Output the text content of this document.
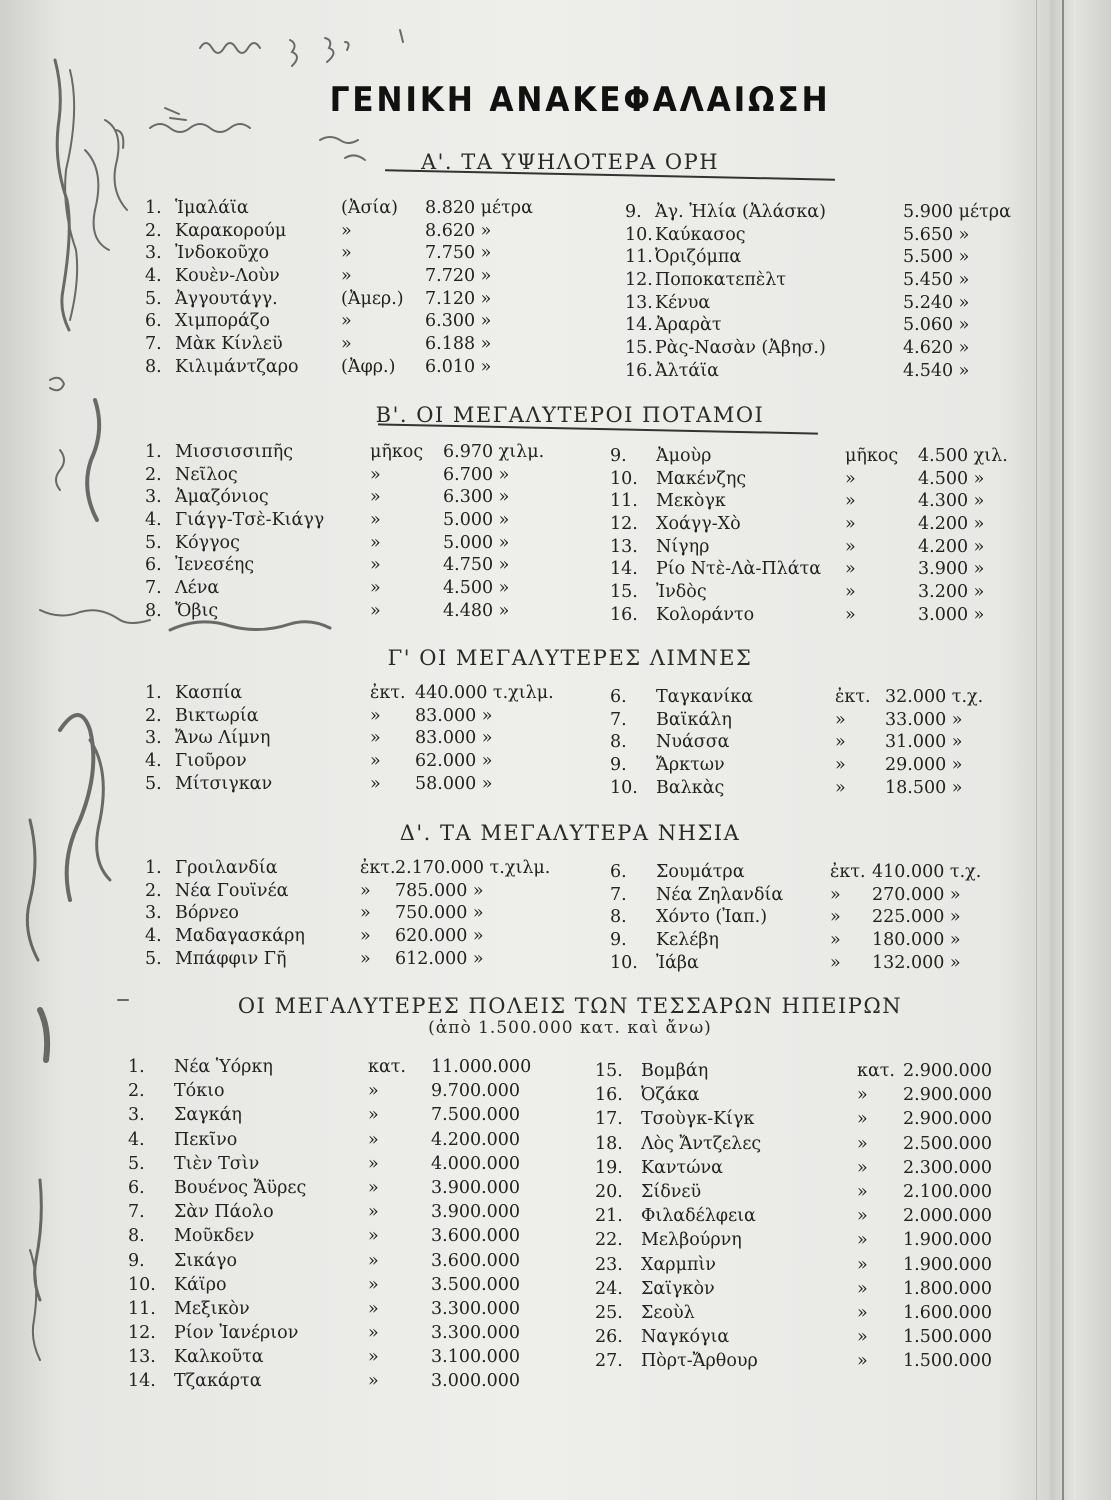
ΓΕΝΙΚΗ ΑΝΑΚΕΦΑΛΑΙΩΣΗ
Α'. ΤΑ ΥΨΗΛΟΤΕΡΑ ΟΡΗ
1. Ἱμαλάϊα	(Ἀσία) 8.820 μέτρα
2. Καρακορούμ	»	8.620 »
3. Ἰνδοκοῦχο	»	7.750 »
4. Κουὲν-Λοὺν	»	7.720 »
5. Ἀγγουτάγγ.	(Ἀμερ.) 7.120 »
6. Χιμποράζο	»	6.300 »
7. Μὰκ Κίνλεϋ	»	6.188 »
8. Κιλιμάντζαρο (Ἀφρ.) 6.010 »
9. Ἀγ. Ἠλία (Ἀλάσκα)	5.900 μέτρα
10. Καύκασος	5.650 »
11. Ὀριζόμπα	5.500 »
12. Ποποκατεπὲλτ	5.450 »
13. Κένυα	5.240 »
14. Ἀραρὰτ	5.060 »
15. Ρὰς-Νασὰν (Ἀβησ.)	4.620 »
16. Ἀλτάϊα	4.540 »
Β'. ΟΙ ΜΕΓΑΛΥΤΕΡΟΙ ΠΟΤΑΜΟΙ
1. Μισσισσιπῆς	μῆκος 6.970 χιλμ.
2. Νεῖλος	»	6.700 »
3. Ἀμαζόνιος	»	6.300 »
4. Γιάγγ-Τσὲ-Κιάγγ	»	5.000 »
5. Κόγγος	»	5.000 »
6. Ἰενεσέης	»	4.750 »
7. Λένα	»	4.500 »
8. Ὄβις	»	4.480 »
9. Ἀμοὺρ	μῆκος 4.500 χιλ.
10. Μακένζης	»	4.500 »
11. Μεκὸγκ	»	4.300 »
12. Χοάγγ-Χὸ	»	4.200 »
13. Νίγηρ	»	4.200 »
14. Ρίο Ντὲ-Λὰ-Πλάτα »	3.900 »
15. Ἰνδὸς	»	3.200 »
16. Κολοράντο	»	3.000 »
Γ' ΟΙ ΜΕΓΑΛΥΤΕΡΕΣ ΛΙΜΝΕΣ
1. Κασπία	ἐκτ. 440.000 τ.χιλμ.
2. Βικτωρία	» 83.000 »
3. Ἄνω Λίμνη	» 83.000 »
4. Γιοῦρον	» 62.000 »
5. Μίτσιγκαν	» 58.000 »
6. Ταγκανίκα	ἐκτ. 32.000 τ.χ.
7. Βαϊκάλη	» 33.000 »
8. Νυάσσα	» 31.000 »
9. Ἄρκτων	» 29.000 »
10. Βαλκὰς	» 18.500 »
Δ'. ΤΑ ΜΕΓΑΛΥΤΕΡΑ ΝΗΣΙΑ
1. Γροιλανδία	ἐκτ. 2.170.000 τ.χιλμ.
2. Νέα Γουϊνέα	» 785.000 »
3. Βόρνεο	» 750.000 »
4. Μαδαγασκάρη	» 620.000 »
5. Μπάφφιν Γῆ	» 612.000 »
6. Σουμάτρα	ἐκτ. 410.000 τ.χ.
7. Νέα Ζηλανδία	» 270.000 »
8. Χόντο (Ἰαπ.)	» 225.000 »
9. Κελέβη	» 180.000 »
10. Ἰάβα	» 132.000 »
ΟΙ ΜΕΓΑΛΥΤΕΡΕΣ ΠΟΛΕΙΣ ΤΩΝ ΤΕΣΣΑΡΩΝ ΗΠΕΙΡΩΝ
(ἀπὸ 1.500.000 κατ. καὶ ἄνω)
1. Νέα Ὑόρκη	κατ. 11.000.000
2. Τόκιο	»	9.700.000
3. Σαγκάη	»	7.500.000
4. Πεκῖνο	»	4.200.000
5. Τιὲν Τσὶν	»	4.000.000
6. Βουένος Ἄϋρες	»	3.900.000
7. Σὰν Πάολο	»	3.900.000
8. Μοῦκδεν	»	3.600.000
9. Σικάγο	»	3.600.000
10. Κάϊρο	»	3.500.000
11. Μεξικὸν	»	3.300.000
12. Ρίον Ἰανέριον	»	3.300.000
13. Καλκοῦτα	»	3.100.000
14. Τζακάρτα	»	3.000.000
15. Βομβάη	κατ. 2.900.000
16. Ὀζάκα	» 2.900.000
17. Τσοὺγκ-Κίγκ	» 2.900.000
18. Λὸς Ἄντζελες	» 2.500.000
19. Καντώνα	» 2.300.000
20. Σίδνεϋ	» 2.100.000
21. Φιλαδέλφεια	» 2.000.000
22. Μελβούρνη	» 1.900.000
23. Χαρμπὶν	» 1.900.000
24. Σαϊγκὸν	» 1.800.000
25. Σεοὺλ	» 1.600.000
26. Ναγκόγια	» 1.500.000
27. Πὸρτ-Ἄρθουρ	» 1.500.000
